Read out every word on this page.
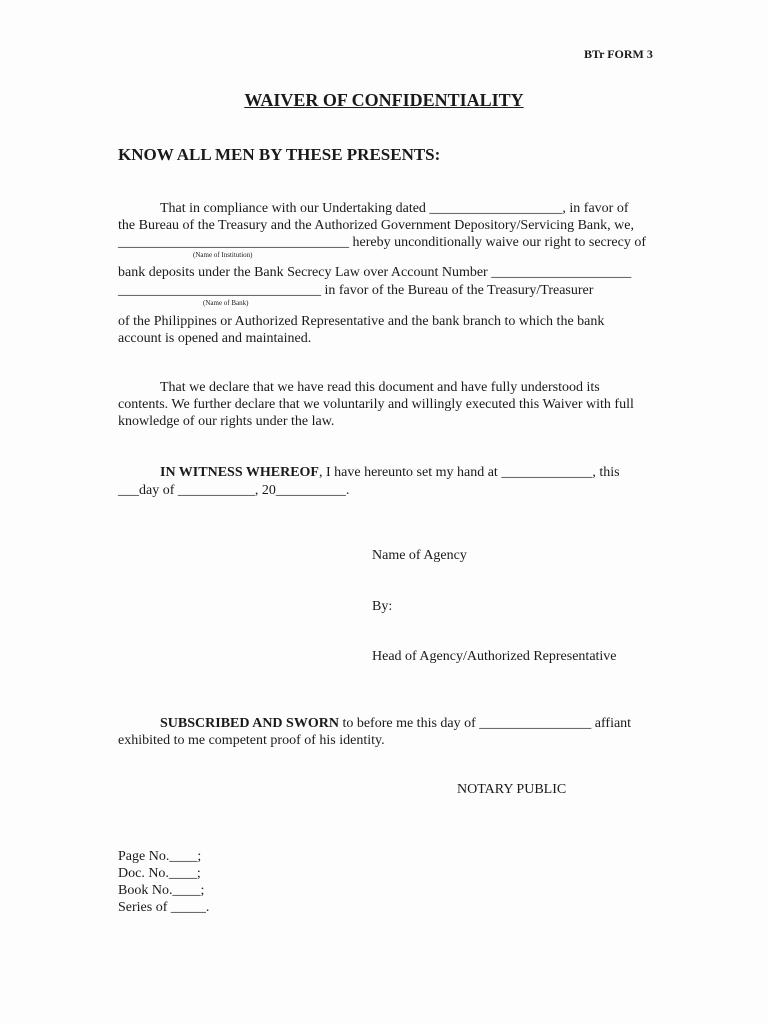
BTr FORM 3
WAIVER OF CONFIDENTIALITY
KNOW ALL MEN BY THESE PRESENTS:
That in compliance with our Undertaking dated ___________________, in favor of
the Bureau of the Treasury and the Authorized Government Depository/Servicing Bank, we,
_________________________________ hereby unconditionally waive our right to secrecy of
(Name of Institution)
bank deposits under the Bank Secrecy Law over Account Number ____________________
_____________________________ in favor of the Bureau of the Treasury/Treasurer
(Name of Bank)
of the Philippines or Authorized Representative and the bank branch to which the bank
account is opened and maintained.
That we declare that we have read this document and have fully understood its
contents. We further declare that we voluntarily and willingly executed this Waiver with full
knowledge of our rights under the law.
IN WITNESS WHEREOF, I have hereunto set my hand at _____________, this
___day of ___________, 20__________.
Name of Agency
By:
Head of Agency/Authorized Representative
SUBSCRIBED AND SWORN to before me this day of ________________ affiant
exhibited to me competent proof of his identity.
NOTARY PUBLIC
Page No.____;
Doc. No.____;
Book No.____;
Series of _____.
